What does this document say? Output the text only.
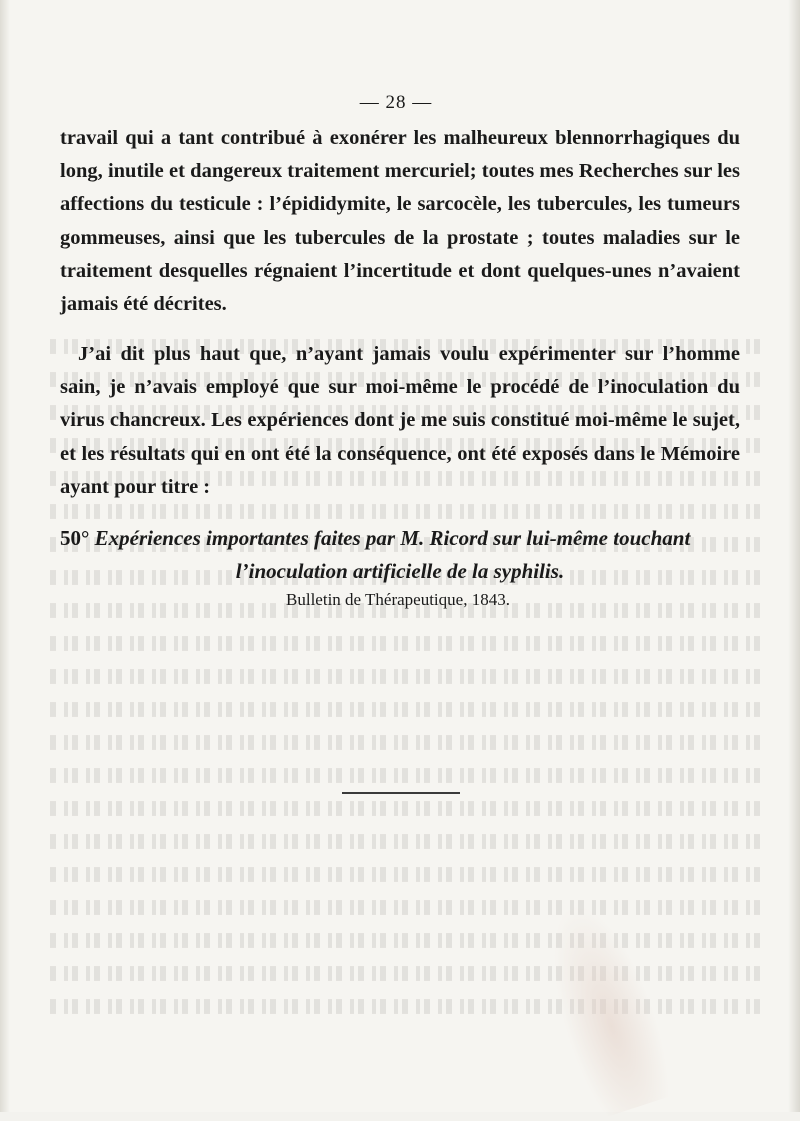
— 28 —
travail qui a tant contribué à exonérer les malheureux blennorrhagiques du long, inutile et dangereux traitement mercuriel; toutes mes Recherches sur les affections du testicule : l’épididymite, le sarcocèle, les tubercules, les tumeurs gommeuses, ainsi que les tubercules de la prostate ; toutes maladies sur le traitement desquelles régnaient l’incertitude et dont quelques-unes n’avaient jamais été décrites.
J’ai dit plus haut que, n’ayant jamais voulu expérimenter sur l’homme sain, je n’avais employé que sur moi-même le procédé de l’inoculation du virus chancreux. Les expériences dont je me suis constitué moi-même le sujet, et les résultats qui en ont été la conséquence, ont été exposés dans le Mémoire ayant pour titre :
50° Expériences importantes faites par M. Ricord sur lui-même touchant
l’inoculation artificielle de la syphilis.
Bulletin de Thérapeutique, 1843.
